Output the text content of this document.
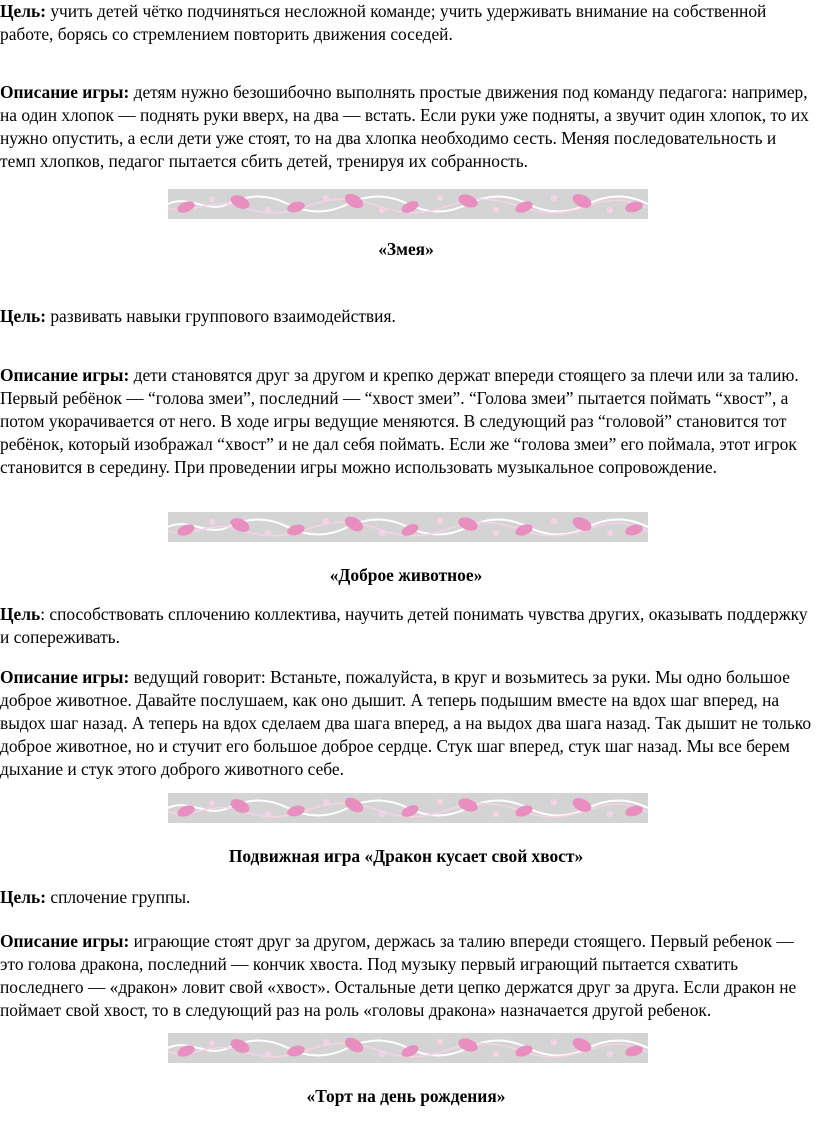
Цель: учить детей чётко подчиняться несложной команде; учить удерживать внимание на собственной работе, борясь со стремлением повторить движения соседей.

Описание игры: детям нужно безошибочно выполнять простые движения под команду педагога: например, на один хлопок — поднять руки вверх, на два — встать. Если руки уже подняты, а звучит один хлопок, то их нужно опустить, а если дети уже стоят, то на два хлопка необходимо сесть. Меняя последовательность и темп хлопков, педагог пытается сбить детей, тренируя их собранность.

«Змея»

Цель: развивать навыки группового взаимодействия.

Описание игры: дети становятся друг за другом и крепко держат впереди стоящего за плечи или за талию. Первый ребёнок — “голова змеи”, последний — “хвост змеи”. “Голова змеи” пытается поймать “хвост”, а потом укорачивается от него. В ходе игры ведущие меняются. В следующий раз “головой” становится тот ребёнок, который изображал “хвост” и не дал себя поймать. Если же “голова змеи” его поймала, этот игрок становится в середину. При проведении игры можно использовать музыкальное сопровождение.

«Доброе животное»

Цель: способствовать сплочению коллектива, научить детей понимать чувства других, оказывать поддержку и сопереживать.

Описание игры: ведущий говорит: Встаньте, пожалуйста, в круг и возьмитесь за руки. Мы одно большое доброе животное. Давайте послушаем, как оно дышит. А теперь подышим вместе на вдох шаг вперед, на выдох шаг назад. А теперь на вдох сделаем два шага вперед, а на выдох два шага назад. Так дышит не только доброе животное, но и стучит его большое доброе сердце. Стук шаг вперед, стук шаг назад. Мы все берем дыхание и стук этого доброго животного себе.

Подвижная игра «Дракон кусает свой хвост»

Цель: сплочение группы.

Описание игры: играющие стоят друг за другом, держась за талию впереди стоящего. Первый ребенок — это голова дракона, последний — кончик хвоста. Под музыку первый играющий пытается схватить последнего — «дракон» ловит свой «хвост». Остальные дети цепко держатся друг за друга. Если дракон не поймает свой хвост, то в следующий раз на роль «головы дракона» назначается другой ребенок.

«Торт на день рождения»
